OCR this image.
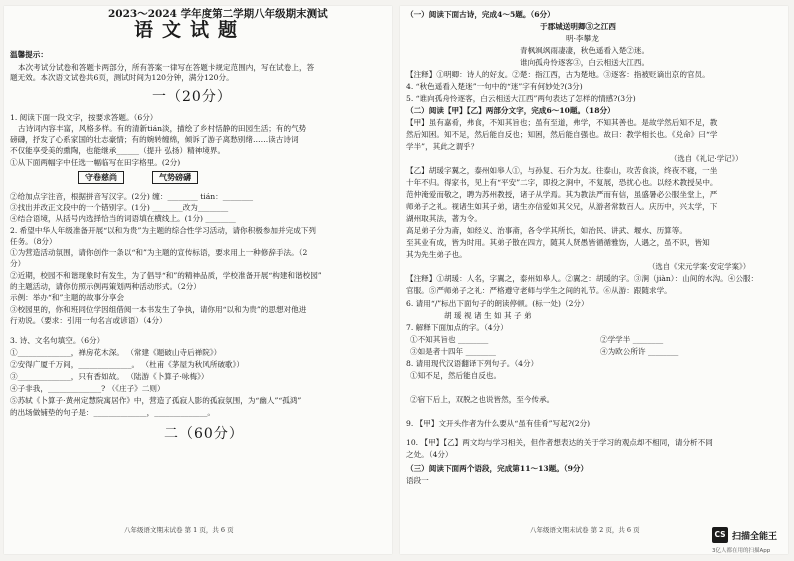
2023～2024 学年度第二学期八年级期末测试
语文试题
温馨提示：
本次考试分试卷和答题卡两部分，所有答案一律写在答题卡规定范围内，写在试卷上，答
题无效。本次语文试卷共6页，测试时间为120分钟，满分120分。
一（20分）
1. 阅读下面一段文字，按要求答题。（6分）
古诗词内容丰富，风格多样。有的清新tián淡，描绘了乡村恬静的田园生活；有的气势
磅礴，抒发了心系家国的壮志豪情；有的婉转缠绵，倾诉了游子离愁别绪……读古诗词
不仅能享受美的熏陶，也能继承______（提升 弘扬）精神境界。
①从下面两幅字中任选一幅临写在田字格里。(2分)
守卷慈尚	气势磅礴
②给加点字注音，根据拼音写汉字。(2分) 缠：________ tián：________
③找出并改正文段中的一个错别字。(1分) ________改为________
④结合语境，从括号内选择恰当的词语填在横线上。(1分) ________
2. 希望中华人年级准备开展“以和为贵”为主题的综合性学习活动，请你积极参加并完成下列
任务。（8分）
①为营造活动氛围，请你创作一条以“和”为主题的宣传标语，要求用上一种修辞手法。（2
分）
②近期，校园不和谐现象时有发生，为了倡导“和”的精神品质，学校准备开展“构建和谐校园”
的主题活动，请你仿照示例再策划两种活动形式。（2分）
示例：举办“和”主题的故事分享会
③校园里的，你和班同位学因组借阅一本书发生了争执，请你用“以和为贵”的思想对他进
行劝说。（要求：引用一句名言或谚语）（4分）
3. 诗、文名句填空。（6分）
①______________，禅房花木深。 （常建《题破山寺后禅院》）
②安得广厦千万间，______________。 （杜甫《茅屋为秋风所破歌》）
③______________，只有香如故。 （陆游《卜算子·咏梅》）
④子非我，______________? （《庄子》二则）
⑤苏轼《卜算子·黄州定慧院寓居作》中，营造了孤寂人影的孤寂氛围，为“幽人”“孤鸿”
的出场做铺垫的句子是：______________，______________。
二（60分）
八年级语文期末试卷 第 1 页，共 6 页
（一）阅读下面古诗，完成4～5题。（6分）
于郡城送明卿③之江西
明·李攀龙
青枫飒飒雨凄凄，秋色遥看入楚②迷。
谁向孤舟怜逐客③，白云相送大江西。
【注释】①明卿：诗人的好友。②楚：指江西，古为楚地。③逐客：指被贬谪出京的官员。
4. “秋色遥看入楚迷”一句中的“迷”字有何妙处?(3分)
5. “谁向孤舟怜逐客，白云相送大江西”两句表达了怎样的情感?(3分)
（二）阅读【甲】【乙】两部分文字，完成6～10题。（18分）
【甲】虽有嘉肴，弗食，不知其旨也；虽有至道，弗学，不知其善也。是故学然后知不足，教
然后知困。知不足，然后能自反也；知困，然后能自强也。故曰：教学相长也。《兑命》曰“学
学半”，其此之谓乎？
（选自《礼记·学记》）
【乙】胡瑗字翼之，泰州如皋人①，与孙复、石介为友。往泰山，攻苦食淡，终夜不寝，一坐
十年不归。得家书，见上有“平安”二字，即投之涧中，不复展，恐扰心也。以经术教授吴中。
范仲淹爱而敬之，聘为苏州教授，诸子从学焉。其为教法严而有信，虽盛暑必公服坐堂上，严
师弟子之礼。视诸生如其子弟，诸生亦信爱如其父兄，从游者常数百人。庆历中，兴太学，下
湖州取其法，著为令。
高足弟子分为斋，如经义、治事斋，各令学其所长，如治民、讲武、堰水、历算等。
至其业有成，皆为时用。其弟子散在四方，随其人贤愚皆循循雅饬，人遇之，虽不识，皆知
其为先生弟子也。
（选自《宋元学案·安定学案》）
【注释】①胡瑗：人名，字翼之，泰州如皋人。②翼之：胡瑗的字。③涧（jiàn）：山间的水沟。④公服：
官服。⑤严师弟子之礼：严格遵守老师与学生之间的礼节。⑥从游：跟随求学。
6. 请用“/”标出下面句子的朗读停顿。(标一处)（2分）
胡 瑗 视 诸 生 如 其 子 弟
7. 解释下面加点的字。（4分）
①不知其旨也 ________	②学学半 ________
③如是者十四年 ________	④为欧公所许 ________
8. 请用现代汉语翻译下列句子。（4分）
①知不足，然后能自反也。
②宿下后上，双脱之也说皆然，至今传承。
9. 【甲】文开头作者为什么要从“虽有佳肴”写起?(2分)
10. 【甲】【乙】两文均与学习相关，但作者想表达的关于学习的观点却不相同，请分析不同
之处。（4分）
（三）阅读下面两个语段，完成第11～13题。（9分）
语段一
八年级语文期末试卷 第 2 页，共 6 页	CS 扫描全能王
3亿人都在用的扫描App
